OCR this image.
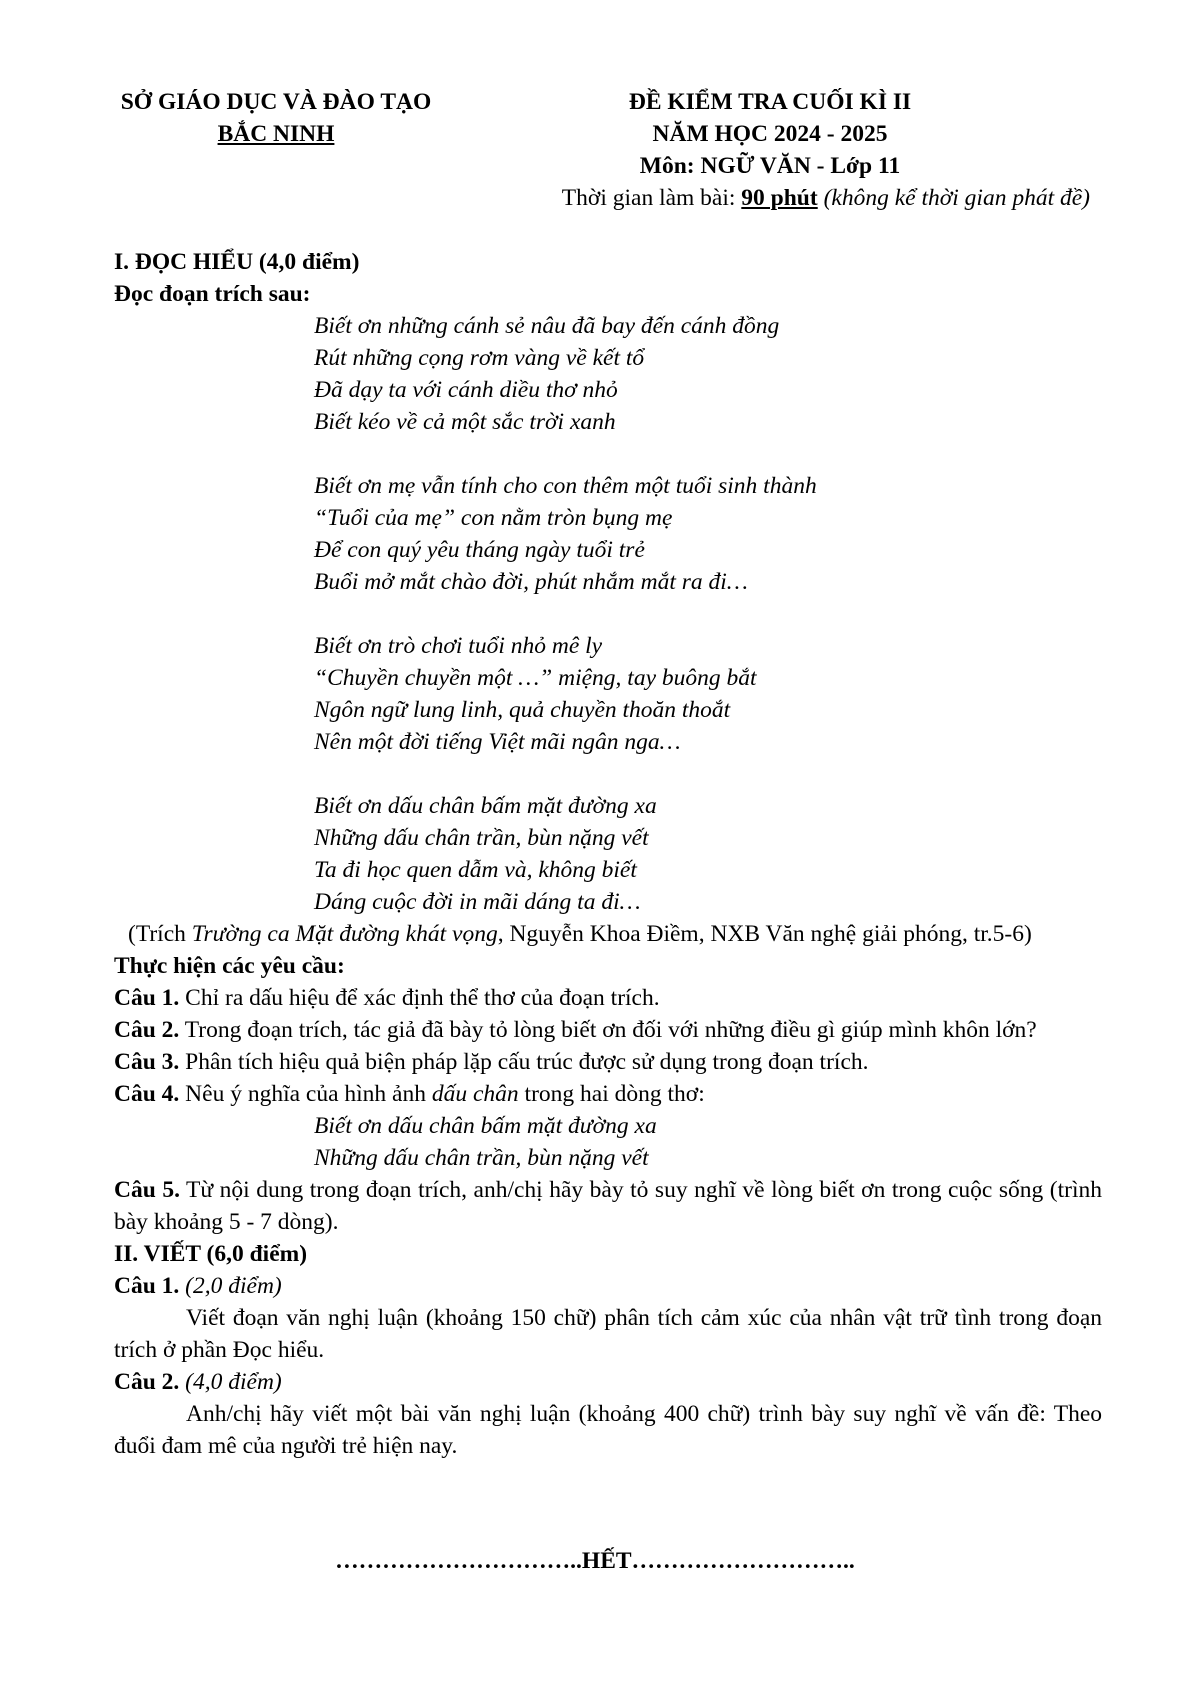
SỞ GIÁO DỤC VÀ ĐÀO TẠO
BẮC NINH
ĐỀ KIỂM TRA CUỐI KÌ II
NĂM HỌC 2024 - 2025
Môn: NGỮ VĂN - Lớp 11
Thời gian làm bài: 90 phút (không kể thời gian phát đề)
I. ĐỌC HIỂU (4,0 điểm)
Đọc đoạn trích sau:
Biết ơn những cánh sẻ nâu đã bay đến cánh đồng
Rút những cọng rơm vàng về kết tổ
Đã dạy ta với cánh diều thơ nhỏ
Biết kéo về cả một sắc trời xanh
Biết ơn mẹ vẫn tính cho con thêm một tuổi sinh thành
“Tuổi của mẹ” con nằm tròn bụng mẹ
Để con quý yêu tháng ngày tuổi trẻ
Buổi mở mắt chào đời, phút nhắm mắt ra đi…
Biết ơn trò chơi tuổi nhỏ mê ly
“Chuyền chuyền một …” miệng, tay buông bắt
Ngôn ngữ lung linh, quả chuyền thoăn thoắt
Nên một đời tiếng Việt mãi ngân nga…
Biết ơn dấu chân bấm mặt đường xa
Những dấu chân trần, bùn nặng vết
Ta đi học quen dẫm và, không biết
Dáng cuộc đời in mãi dáng ta đi…
(Trích Trường ca Mặt đường khát vọng, Nguyễn Khoa Điềm, NXB Văn nghệ giải phóng, tr.5-6)
Thực hiện các yêu cầu:
Câu 1. Chỉ ra dấu hiệu để xác định thể thơ của đoạn trích.
Câu 2. Trong đoạn trích, tác giả đã bày tỏ lòng biết ơn đối với những điều gì giúp mình khôn lớn?
Câu 3. Phân tích hiệu quả biện pháp lặp cấu trúc được sử dụng trong đoạn trích.
Câu 4. Nêu ý nghĩa của hình ảnh dấu chân trong hai dòng thơ:
Biết ơn dấu chân bấm mặt đường xa
Những dấu chân trần, bùn nặng vết
Câu 5. Từ nội dung trong đoạn trích, anh/chị hãy bày tỏ suy nghĩ về lòng biết ơn trong cuộc sống (trình bày khoảng 5 - 7 dòng).
II. VIẾT (6,0 điểm)
Câu 1. (2,0 điểm)
Viết đoạn văn nghị luận (khoảng 150 chữ) phân tích cảm xúc của nhân vật trữ tình trong đoạn trích ở phần Đọc hiểu.
Câu 2. (4,0 điểm)
Anh/chị hãy viết một bài văn nghị luận (khoảng 400 chữ) trình bày suy nghĩ về vấn đề: Theo đuổi đam mê của người trẻ hiện nay.
…………………………..HẾT………………………..
